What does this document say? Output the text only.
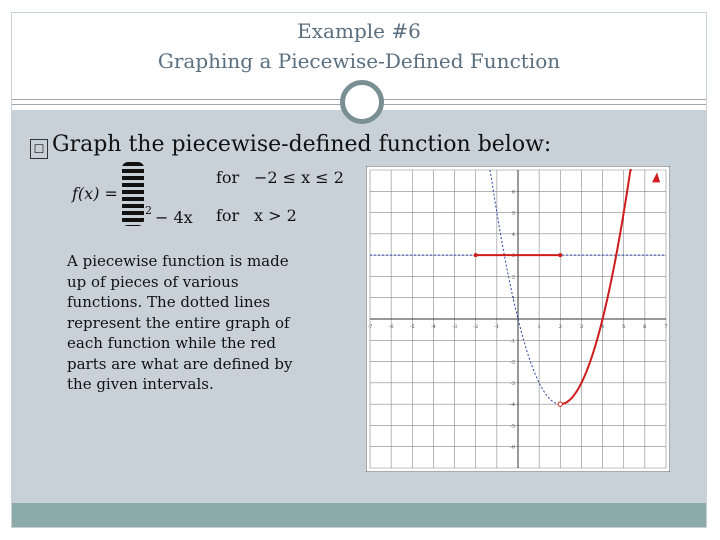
Example #6
Graphing a Piecewise-Defined Function
☐ Graph the piecewise-defined function below:
f(x) =
2 − 4x
for −2 ≤ x ≤ 2
for x > 2
A piecewise function is made up of pieces of various functions. The dotted lines represent the entire graph of each function while the red parts are what are defined by the given intervals.
-7	-6	-5	-4	-3	-2	-1	1	2	3	4	5	6	7
6
5
4
3
2
1
-1
-2
-3
-4
-5
-6
